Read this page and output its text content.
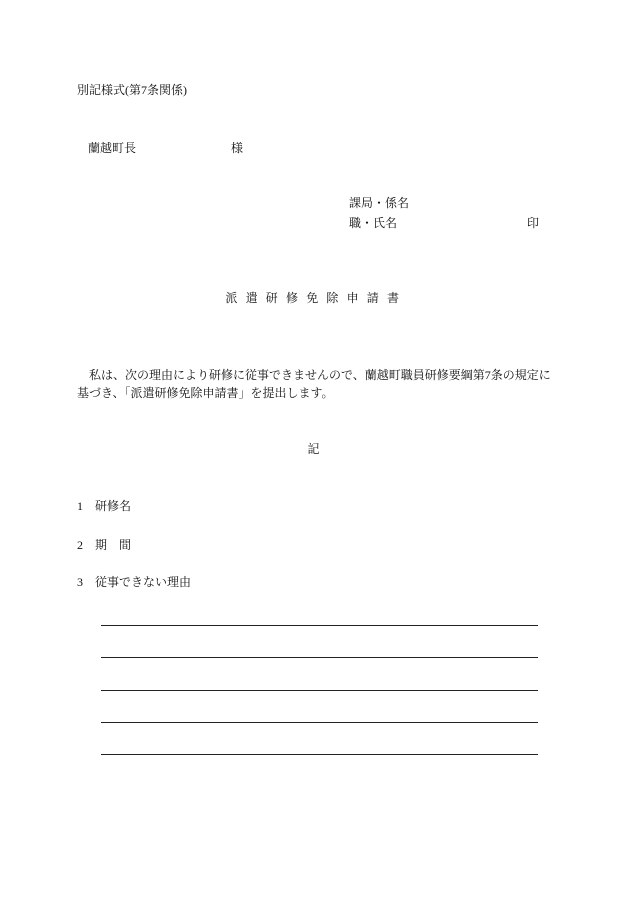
別記様式(第7条関係)
蘭越町長	様
課局・係名
職・氏名	印
派 遣 研 修 免 除 申 請 書
私は、次の理由により研修に従事できませんので、蘭越町職員研修要綱第7条の規定に
基づき、「派遣研修免除申請書」を提出します。
記
1 研修名
2 期　間
3 従事できない理由
